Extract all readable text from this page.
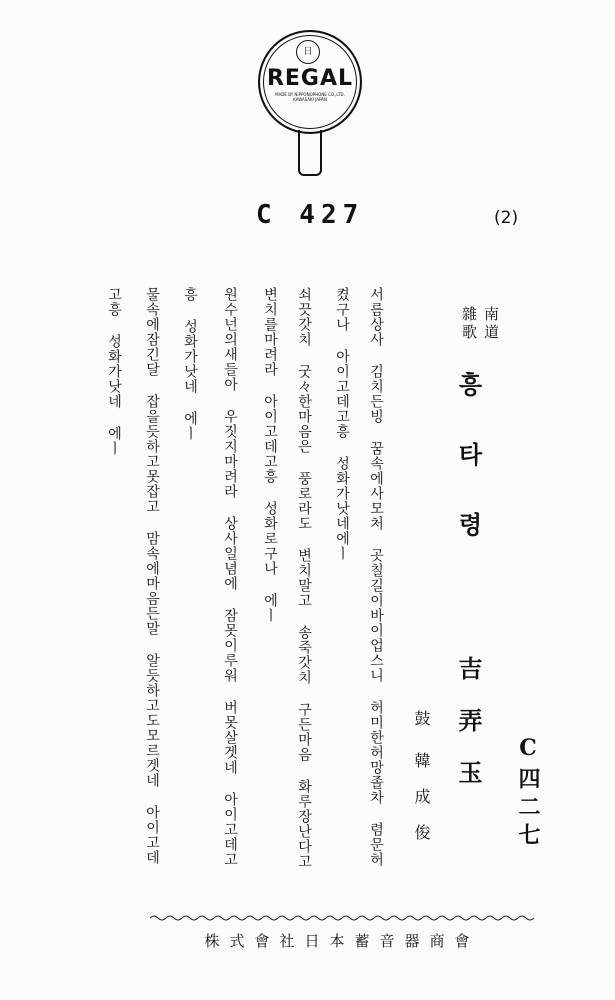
日
REGAL
MADE BY NIPPONOPHONE CO.,LTD. KAWASAKI JAPAN
C 427	(2)
南道
雜歌
흥타령
吉弄玉
鼓
韓成俊	C四二七
서름상사 김치든빙 꿈속에사모처 곳칠길이바이업스니 허미한허망졸차 렴문허
켰구나 아이고데고흥 성화가낫네에ㅣ
쇠끗갓치 굿々한마음은 풍로라도 변치말고 송죽갓치 구든마음 화루장난다고
변치를마려라 아이고데고흥 성화로구나 에ㅣ
원수넌의새들아 우짓지마려라 상사일념에 잠못이루워 버못살겟네 아이고데고
흥 성화가낫네 에ㅣ
물속에잠긴달 잡을듯하고못잡고 맘속에마음든말 알듯하고도모르겟네 아이고데
고흥 성화가낫네 에ㅣ
株式會社日本蓄音器商會
